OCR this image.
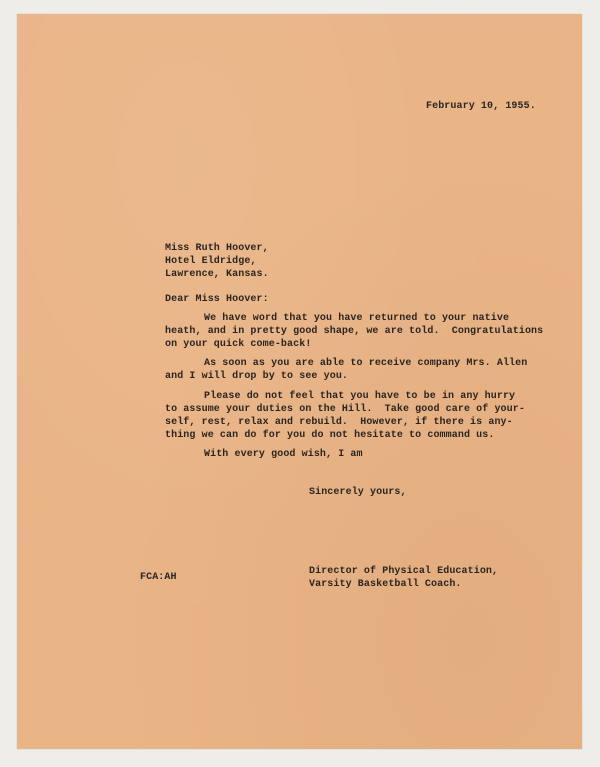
February 10, 1955.
Miss Ruth Hoover,
Hotel Eldridge,
Lawrence, Kansas.
Dear Miss Hoover:
We have word that you have returned to your native
heath, and in pretty good shape, we are told.  Congratulations
on your quick come-back!
As soon as you are able to receive company Mrs. Allen
and I will drop by to see you.
Please do not feel that you have to be in any hurry
to assume your duties on the Hill.  Take good care of your-
self, rest, relax and rebuild.  However, if there is any-
thing we can do for you do not hesitate to command us.
With every good wish, I am
Sincerely yours,
FCA:AH
Director of Physical Education,
Varsity Basketball Coach.
